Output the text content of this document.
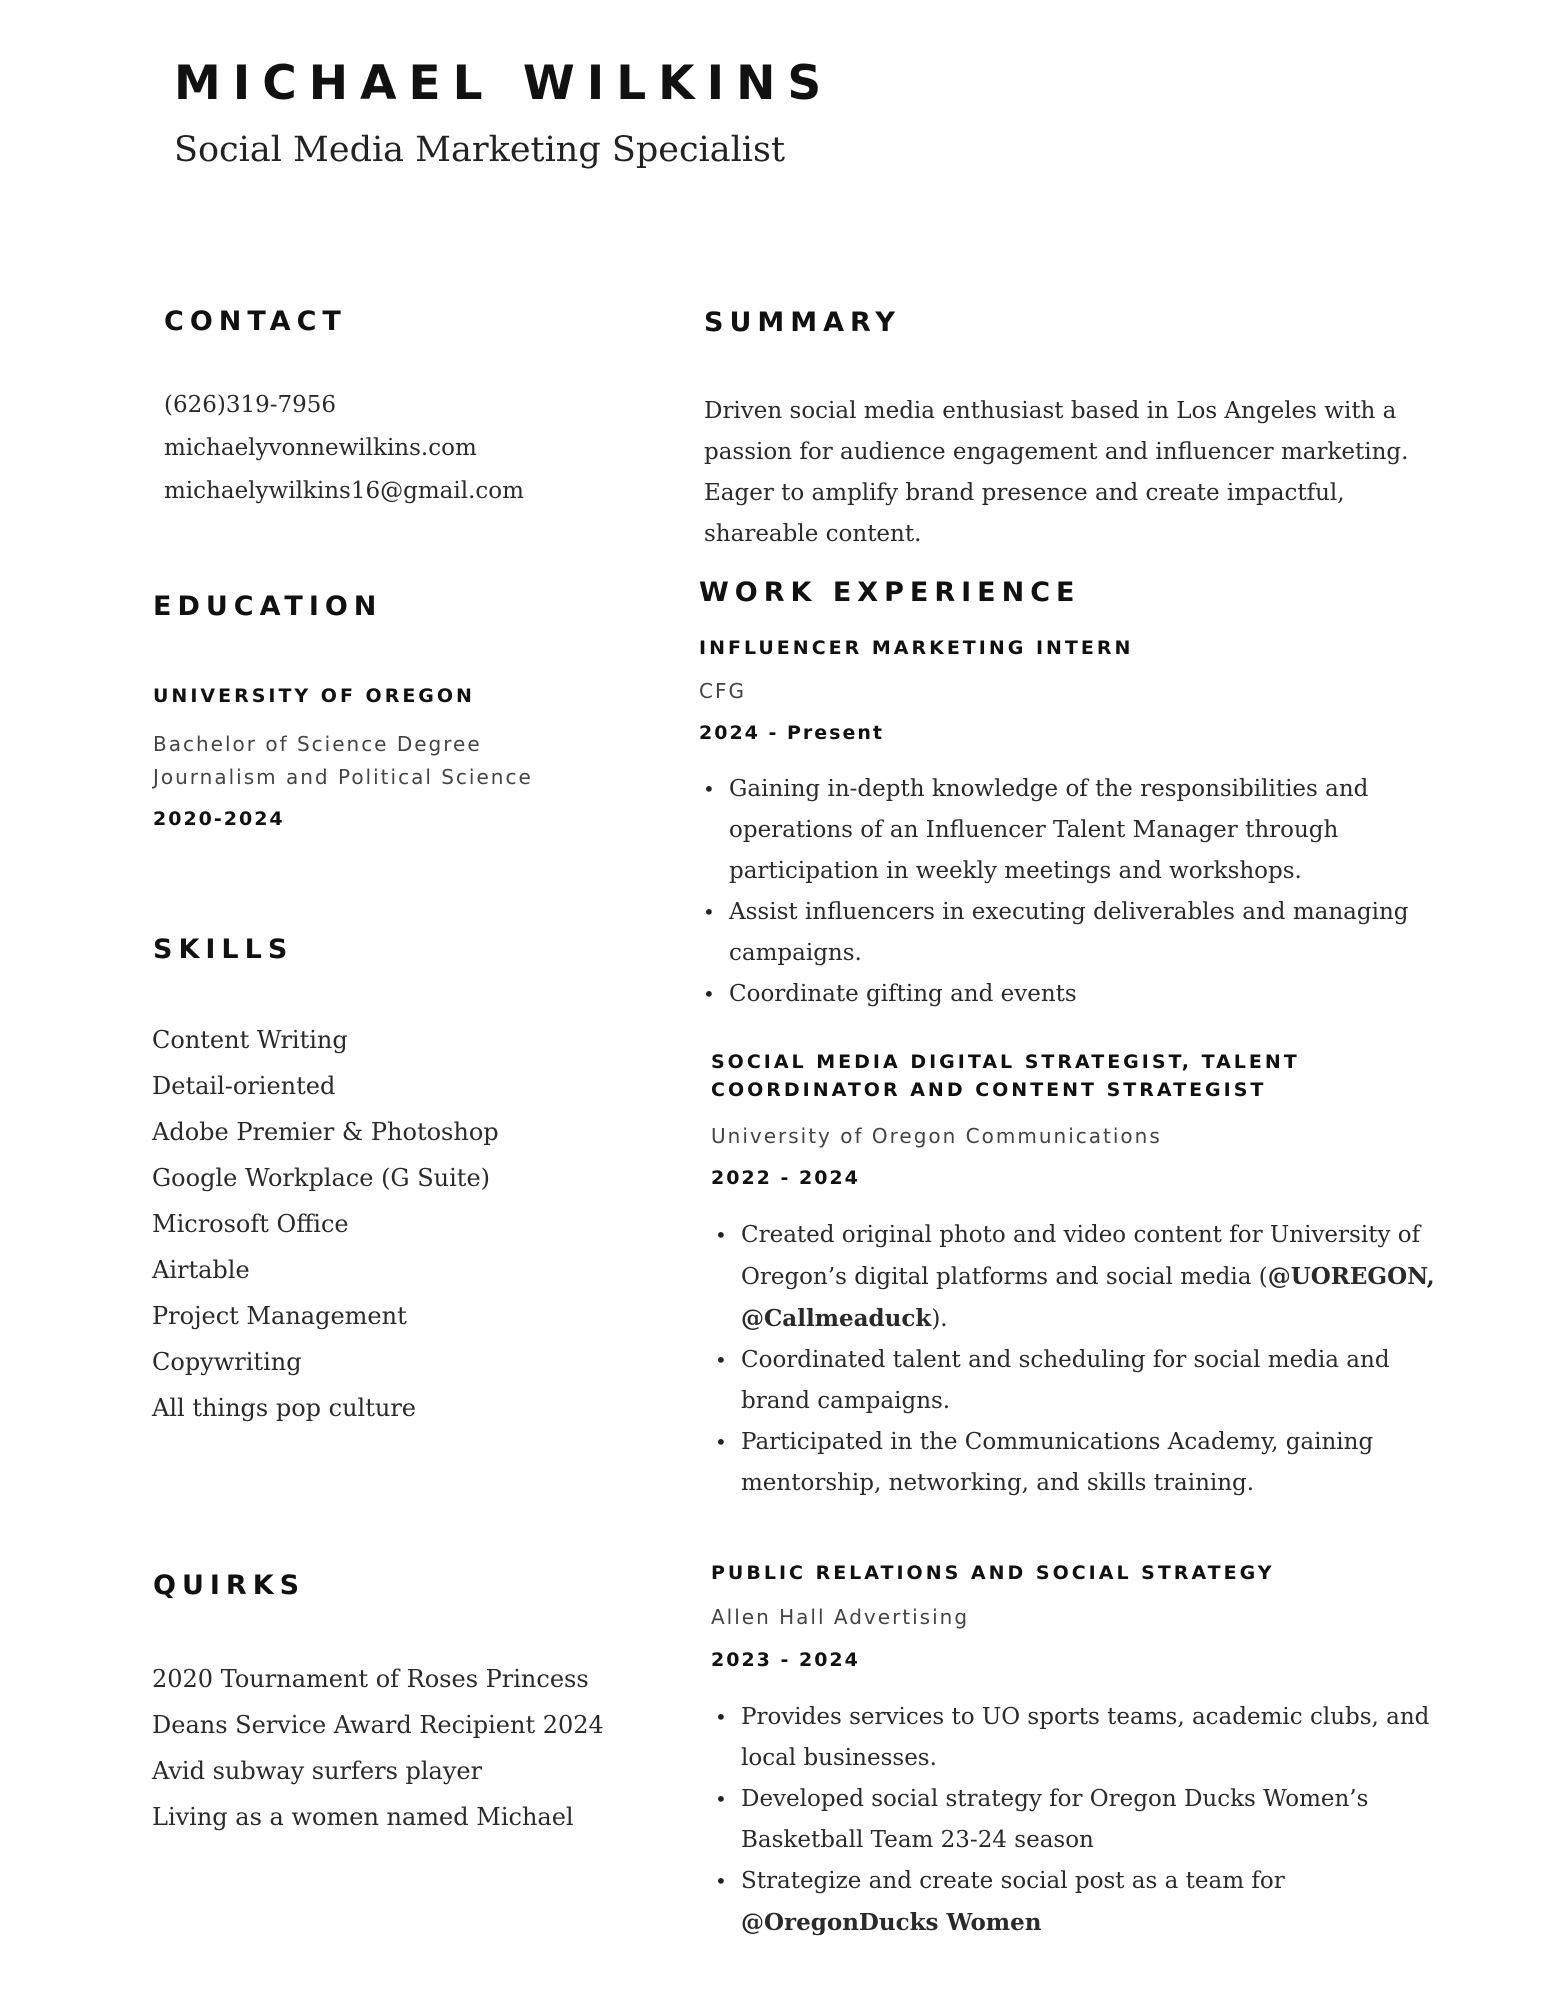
MICHAEL WILKINS
Social Media Marketing Specialist
CONTACT
(626)319-7956
michaelyvonnewilkins.com
michaelywilkins16@gmail.com
EDUCATION
UNIVERSITY OF OREGON
Bachelor of Science Degree
Journalism and Political Science
2020-2024
SKILLS
Content Writing
Detail-oriented
Adobe Premier & Photoshop
Google Workplace (G Suite)
Microsoft Office
Airtable
Project Management
Copywriting
All things pop culture
QUIRKS
2020 Tournament of Roses Princess
Deans Service Award Recipient 2024
Avid subway surfers player
Living as a women named Michael
SUMMARY
Driven social media enthusiast based in Los Angeles with a passion for audience engagement and influencer marketing. Eager to amplify brand presence and create impactful, shareable content.
WORK EXPERIENCE
INFLUENCER MARKETING INTERN
CFG
2024 - Present
• Gaining in-depth knowledge of the responsibilities and operations of an Influencer Talent Manager through participation in weekly meetings and workshops.
• Assist influencers in executing deliverables and managing campaigns.
• Coordinate gifting and events
SOCIAL MEDIA DIGITAL STRATEGIST, TALENT COORDINATOR AND CONTENT STRATEGIST
University of Oregon Communications
2022 - 2024
• Created original photo and video content for University of Oregon’s digital platforms and social media (@UOREGON, @Callmeaduck).
• Coordinated talent and scheduling for social media and brand campaigns.
• Participated in the Communications Academy, gaining mentorship, networking, and skills training.
PUBLIC RELATIONS AND SOCIAL STRATEGY
Allen Hall Advertising
2023 - 2024
• Provides services to UO sports teams, academic clubs, and local businesses.
• Developed social strategy for Oregon Ducks Women’s Basketball Team 23-24 season
• Strategize and create social post as a team for @OregonDucks Women
